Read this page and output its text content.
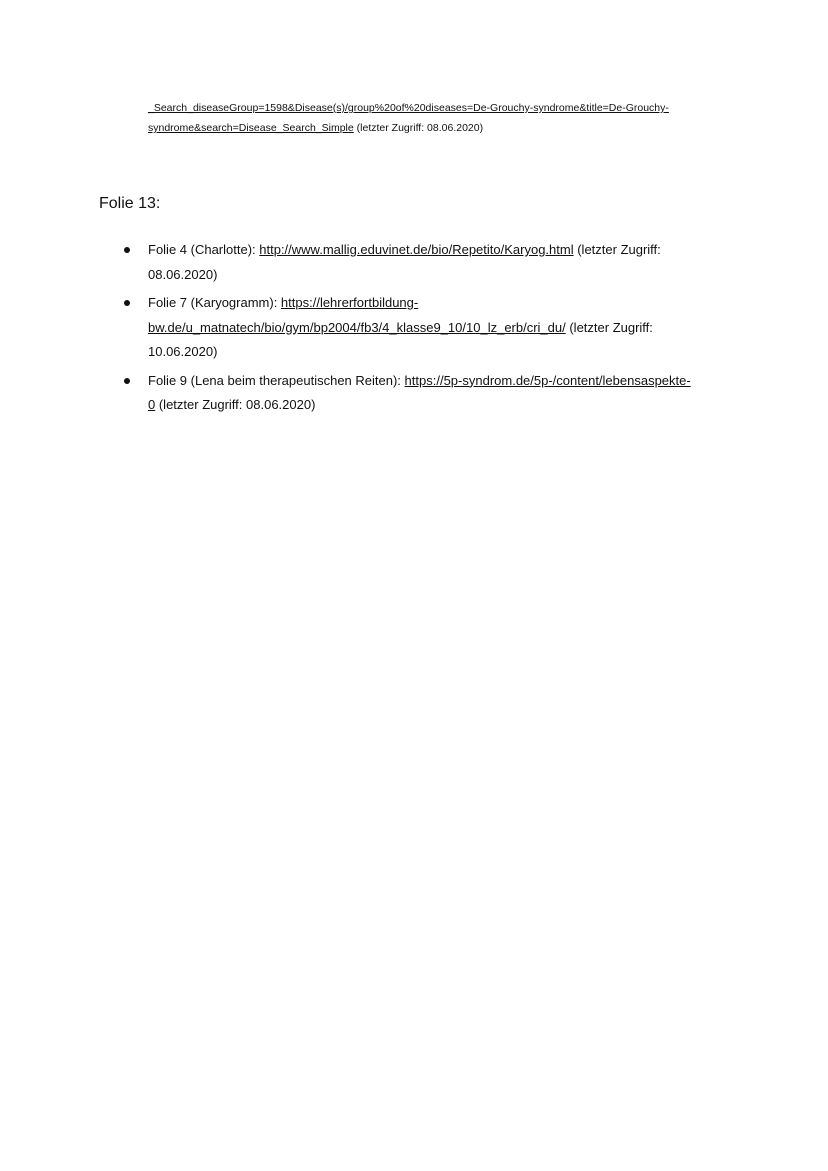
_Search_diseaseGroup=1598&Disease(s)/group%20of%20diseases=De-Grouchy-syndrome&title=De-Grouchy-
syndrome&search=Disease_Search_Simple (letzter Zugriff: 08.06.2020)
Folie 13:
Folie 4 (Charlotte): http://www.mallig.eduvinet.de/bio/Repetito/Karyog.html (letzter Zugriff:
08.06.2020)
Folie 7 (Karyogramm): https://lehrerfortbildung-
bw.de/u_matnatech/bio/gym/bp2004/fb3/4_klasse9_10/10_lz_erb/cri_du/ (letzter Zugriff:
10.06.2020)
Folie 9 (Lena beim therapeutischen Reiten): https://5p-syndrom.de/5p-/content/lebensaspekte-
0 (letzter Zugriff: 08.06.2020)
